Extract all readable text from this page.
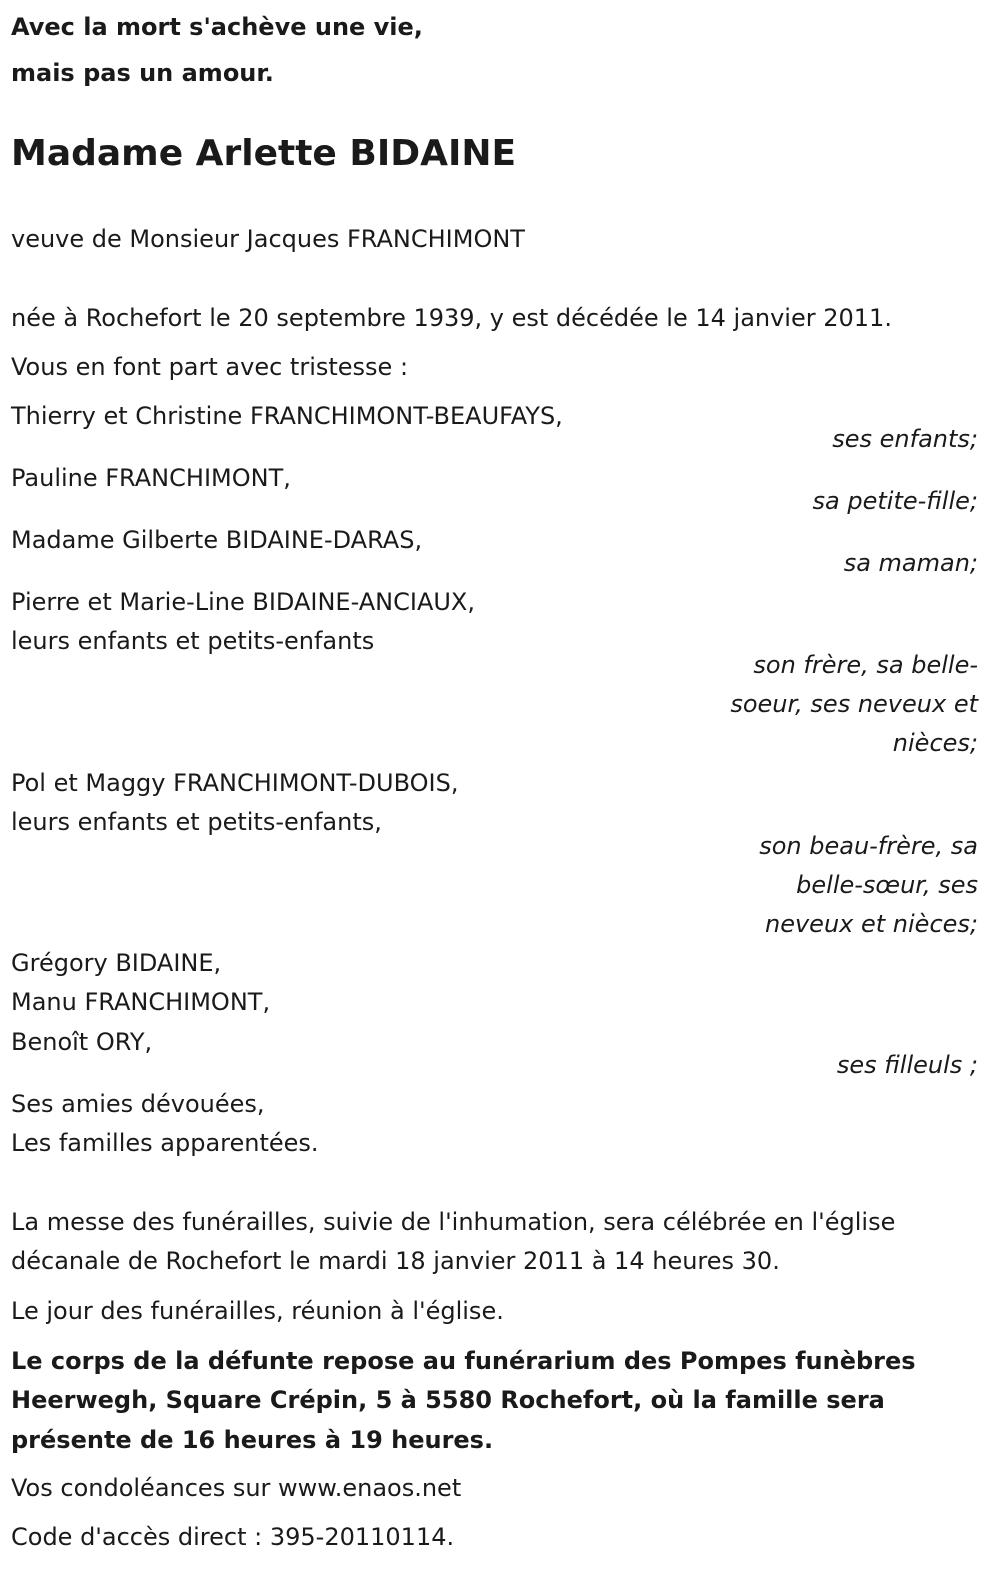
Avec la mort s'achève une vie,
mais pas un amour.
Madame Arlette BIDAINE
veuve de Monsieur Jacques FRANCHIMONT
née à Rochefort le 20 septembre 1939, y est décédée le 14 janvier 2011.
Vous en font part avec tristesse :
Thierry et Christine FRANCHIMONT-BEAUFAYS,
ses enfants;
Pauline FRANCHIMONT,
sa petite-fille;
Madame Gilberte BIDAINE-DARAS,
sa maman;
Pierre et Marie-Line BIDAINE-ANCIAUX,
leurs enfants et petits-enfants
son frère, sa belle-
soeur, ses neveux et
nièces;
Pol et Maggy FRANCHIMONT-DUBOIS,
leurs enfants et petits-enfants,
son beau-frère, sa
belle-sœur, ses
neveux et nièces;
Grégory BIDAINE,
Manu FRANCHIMONT,
Benoît ORY,
ses filleuls ;
Ses amies dévouées,
Les familles apparentées.
La messe des funérailles, suivie de l'inhumation, sera célébrée en l'église
décanale de Rochefort le mardi 18 janvier 2011 à 14 heures 30.
Le jour des funérailles, réunion à l'église.
Le corps de la défunte repose au funérarium des Pompes funèbres
Heerwegh, Square Crépin, 5 à 5580 Rochefort, où la famille sera
présente de 16 heures à 19 heures.
Vos condoléances sur www.enaos.net
Code d'accès direct : 395-20110114.
